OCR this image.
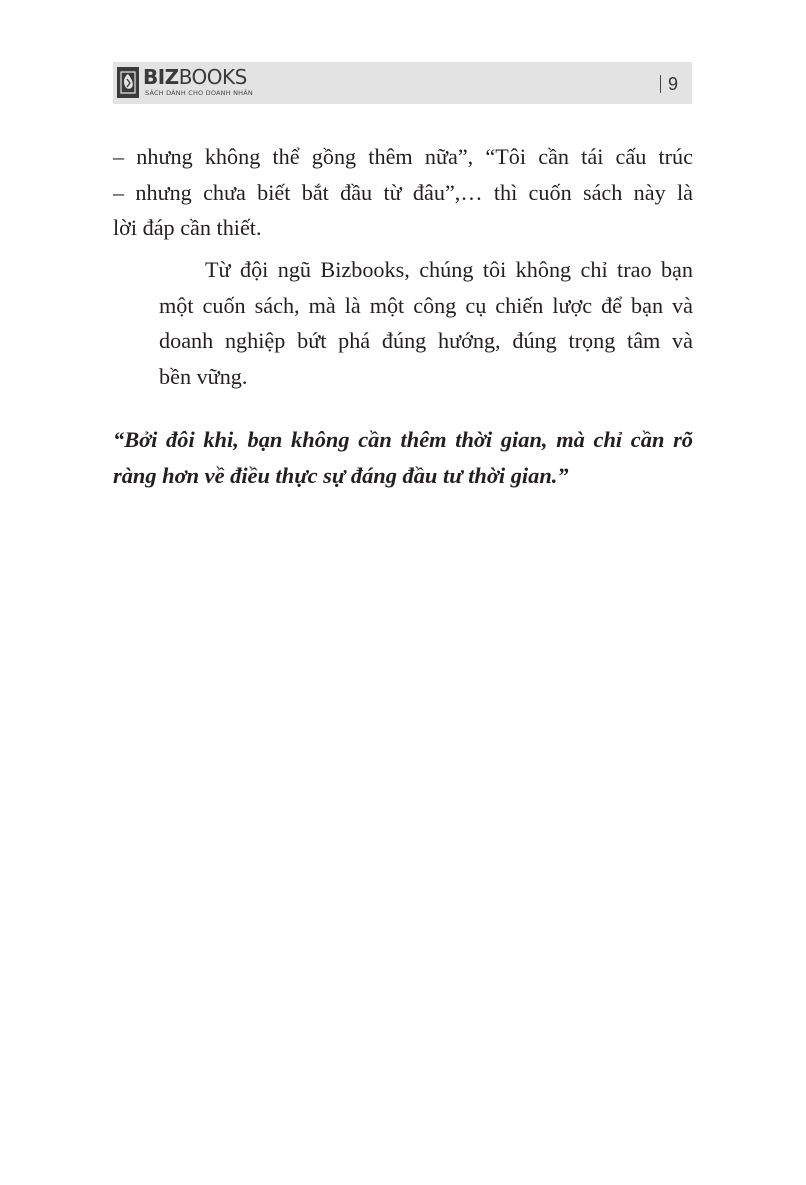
BIZBOOKS
SÁCH DÀNH CHO DOANH NHÂN	9
– nhưng không thể gồng thêm nữa”, “Tôi cần tái cấu trúc
– nhưng chưa biết bắt đầu từ đâu”,… thì cuốn sách này là
lời đáp cần thiết.
Từ đội ngũ Bizbooks, chúng tôi không chỉ trao bạn
một cuốn sách, mà là một công cụ chiến lược để bạn và
doanh nghiệp bứt phá đúng hướng, đúng trọng tâm và
bền vững.
“Bởi đôi khi, bạn không cần thêm thời gian, mà chỉ cần rõ
ràng hơn về điều thực sự đáng đầu tư thời gian.”
